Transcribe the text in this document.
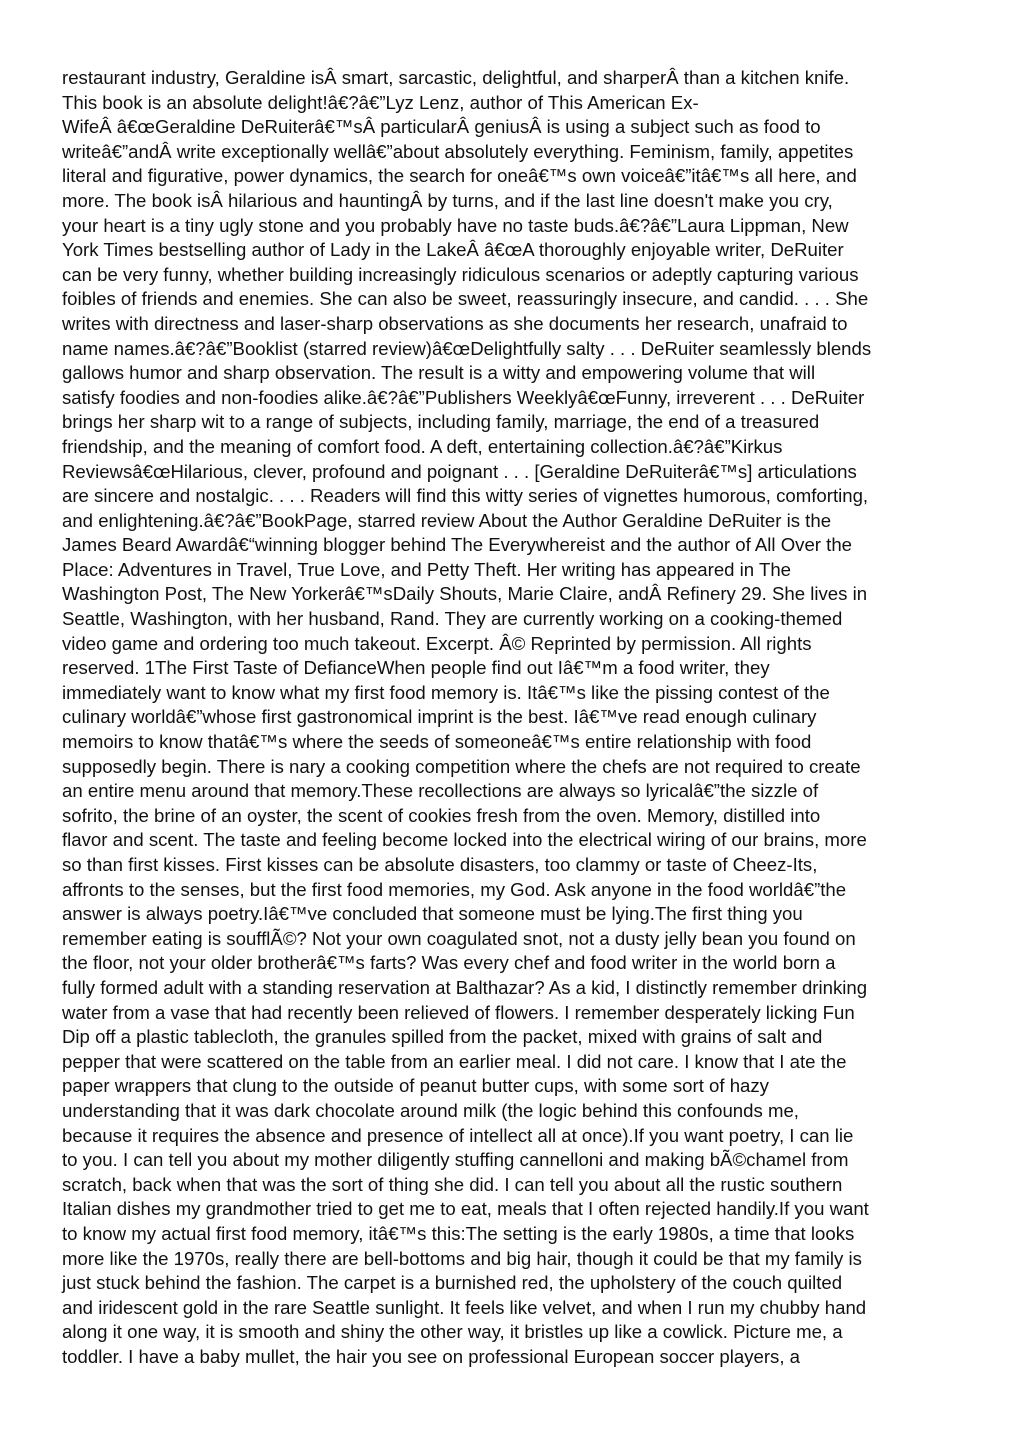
restaurant industry, Geraldine isÂ smart, sarcastic, delightful, and sharperÂ than a kitchen knife.
This book is an absolute delight!â€?â€”Lyz Lenz, author of This American Ex-
WifeÂ â€œGeraldine DeRuiterâ€™sÂ particularÂ geniusÂ is using a subject such as food to
writeâ€”andÂ write exceptionally wellâ€”about absolutely everything. Feminism, family, appetites
literal and figurative, power dynamics, the search for oneâ€™s own voiceâ€”itâ€™s all here, and
more. The book isÂ hilarious and hauntingÂ by turns, and if the last line doesn't make you cry,
your heart is a tiny ugly stone and you probably have no taste buds.â€?â€”Laura Lippman, New
York Times bestselling author of Lady in the LakeÂ â€œA thoroughly enjoyable writer, DeRuiter
can be very funny, whether building increasingly ridiculous scenarios or adeptly capturing various
foibles of friends and enemies. She can also be sweet, reassuringly insecure, and candid. . . . She
writes with directness and laser-sharp observations as she documents her research, unafraid to
name names.â€?â€”Booklist (starred review)â€œDelightfully salty . . . DeRuiter seamlessly blends
gallows humor and sharp observation. The result is a witty and empowering volume that will
satisfy foodies and non-foodies alike.â€?â€”Publishers Weeklyâ€œFunny, irreverent . . . DeRuiter
brings her sharp wit to a range of subjects, including family, marriage, the end of a treasured
friendship, and the meaning of comfort food. A deft, entertaining collection.â€?â€”Kirkus
Reviewsâ€œHilarious, clever, profound and poignant . . . [Geraldine DeRuiterâ€™s] articulations
are sincere and nostalgic. . . . Readers will find this witty series of vignettes humorous, comforting,
and enlightening.â€?â€”BookPage, starred review About the Author Geraldine DeRuiter is the
James Beard Awardâ€“winning blogger behind The Everywhereist and the author of All Over the
Place: Adventures in Travel, True Love, and Petty Theft. Her writing has appeared in The
Washington Post, The New Yorkerâ€™sDaily Shouts, Marie Claire, andÂ Refinery 29. She lives in
Seattle, Washington, with her husband, Rand. They are currently working on a cooking-themed
video game and ordering too much takeout. Excerpt. Â© Reprinted by permission. All rights
reserved. 1The First Taste of DefianceWhen people find out Iâ€™m a food writer, they
immediately want to know what my first food memory is. Itâ€™s like the pissing contest of the
culinary worldâ€”whose first gastronomical imprint is the best. Iâ€™ve read enough culinary
memoirs to know thatâ€™s where the seeds of someoneâ€™s entire relationship with food
supposedly begin. There is nary a cooking competition where the chefs are not required to create
an entire menu around that memory.These recollections are always so lyricalâ€”the sizzle of
sofrito, the brine of an oyster, the scent of cookies fresh from the oven. Memory, distilled into
flavor and scent. The taste and feeling become locked into the electrical wiring of our brains, more
so than first kisses. First kisses can be absolute disasters, too clammy or taste of Cheez-Its,
affronts to the senses, but the first food memories, my God. Ask anyone in the food worldâ€”the
answer is always poetry.Iâ€™ve concluded that someone must be lying.The first thing you
remember eating is soufflÃ©? Not your own coagulated snot, not a dusty jelly bean you found on
the floor, not your older brotherâ€™s farts? Was every chef and food writer in the world born a
fully formed adult with a standing reservation at Balthazar? As a kid, I distinctly remember drinking
water from a vase that had recently been relieved of flowers. I remember desperately licking Fun
Dip off a plastic tablecloth, the granules spilled from the packet, mixed with grains of salt and
pepper that were scattered on the table from an earlier meal. I did not care. I know that I ate the
paper wrappers that clung to the outside of peanut butter cups, with some sort of hazy
understanding that it was dark chocolate around milk (the logic behind this confounds me,
because it requires the absence and presence of intellect all at once).If you want poetry, I can lie
to you. I can tell you about my mother diligently stuffing cannelloni and making bÃ©chamel from
scratch, back when that was the sort of thing she did. I can tell you about all the rustic southern
Italian dishes my grandmother tried to get me to eat, meals that I often rejected handily.If you want
to know my actual first food memory, itâ€™s this:The setting is the early 1980s, a time that looks
more like the 1970s, really there are bell-bottoms and big hair, though it could be that my family is
just stuck behind the fashion. The carpet is a burnished red, the upholstery of the couch quilted
and iridescent gold in the rare Seattle sunlight. It feels like velvet, and when I run my chubby hand
along it one way, it is smooth and shiny the other way, it bristles up like a cowlick. Picture me, a
toddler. I have a baby mullet, the hair you see on professional European soccer players, a
